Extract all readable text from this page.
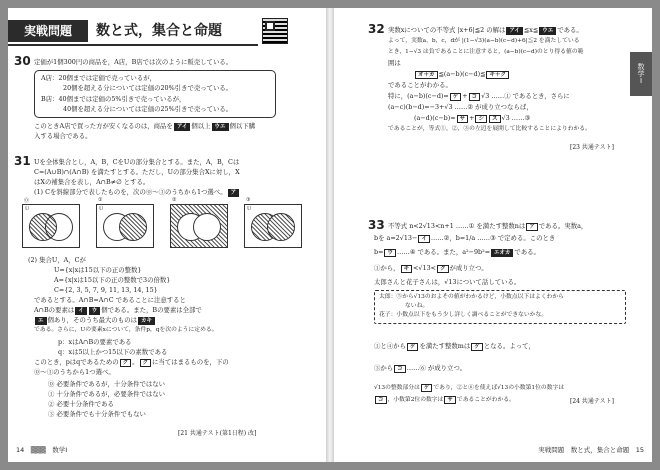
実戦問題	数と式，集合と命題
30 定価が1個300円の商品を，A店，B店では次のように販売している。
A店：20個までは定価で売っているが，
20個を超える分については定価の20%引きで売っている。
B店：40個までは定価の5%引きで売っているが，
40個を超える分については定価の25%引きで売っている。
このときA店で買った方が安くなるのは，商品を アイ 個以上 ウエ 個以下購
入する場合である。
31 Uを全体集合とし，A，B，CをUの部分集合とする。また，A，B，Cは
C=(A∪B)∩(A∩B) を満たすとする。ただし，Uの部分集合Xに対し，X
はXの補集合を表し，A∩B≠∅ とする。
(1) Cを斜線部分で表したものを，次の⓪〜③のうちから1つ選べ。 ア
⓪
U
①
U
②	③
U
(2) 集合U，A，Cが
U={x|xは15以下の正の整数}
A={x|xは15以下の正の整数で3の倍数}
C={2, 3, 5, 7, 9, 11, 13, 14, 15}
であるとする。A∩B=A∩C であることに注意すると
A∩Bの要素は イ ウ 個である。また，Bの要素は全部で
エ 個あり，そのうち最大のものは カキ
である。さらに，Uの要素xについて，条件p，qを次のように定める。
p：xはA∩Bの要素である
q：xは5以上かつ15以下の素数である
このとき，pはqであるための ク 。 ク に当てはまるものを，下の
⓪〜③のうちから1つ選べ。
⓪ 必要条件であるが，十分条件ではない
① 十分条件であるが，必要条件ではない
② 必要十分条件である
③ 必要条件でも十分条件でもない
[21 共通テスト(第1日程) 改]
14　▒▒▒　数学Ⅰ
数学Ⅰ
32 実数xについての不等式 |x+6|≦2 の解は アイ ≦x≦ ウエ である。
よって，実数a，b，c，dが |(1−√3)(a−b)(c−d)+6|≦2 を満たしている
とき，1−√3 は負であることに注意すると，(a−b)(c−d)のとり得る値の範
囲は
オ＋カ ≦(a−b)(c−d)≦ キ＋ク
であることがわかる。
特に，(a−b)(c−d)= ケ + コ √3 ……① であるとき，さらに
(a−c)(b−d)=−3+√3 ……② が成り立つならば，
(a−d)(c−b)= サ + シ ス √3 ……③
であることが，等式①，②，③の左辺を展開して比較することによりわかる。
[23 共通テスト]
33 不等式 n<2√13<n+1 ……① を満たす整数nは ア である。実数a，
bを a=2√13− イ ……②，b=1/a ……③ で定める。このとき
b= ウ ……④ である。また，a²−9b²= エオカ である。
①から， キ <√13< ク が成り立つ。
太郎さんと花子さんは，√13について話している。
太郎：⑤から√13のおよその値がわかるけど，小数点以下はよくわから
ないね。
花子：小数点以下をもう少し詳しく調べることができないかな。
①と④から ケ を満たす整数mは ケ となる。よって，
③から コ ……⑥ が成り立つ。
√13の整数部分は ケ であり，②と⑥を使えば√13の小数第1位の数字は
コ ，小数第2位の数字は サ であることがわかる。	[24 共通テスト]
実戦問題　数と式，集合と命題　 15
